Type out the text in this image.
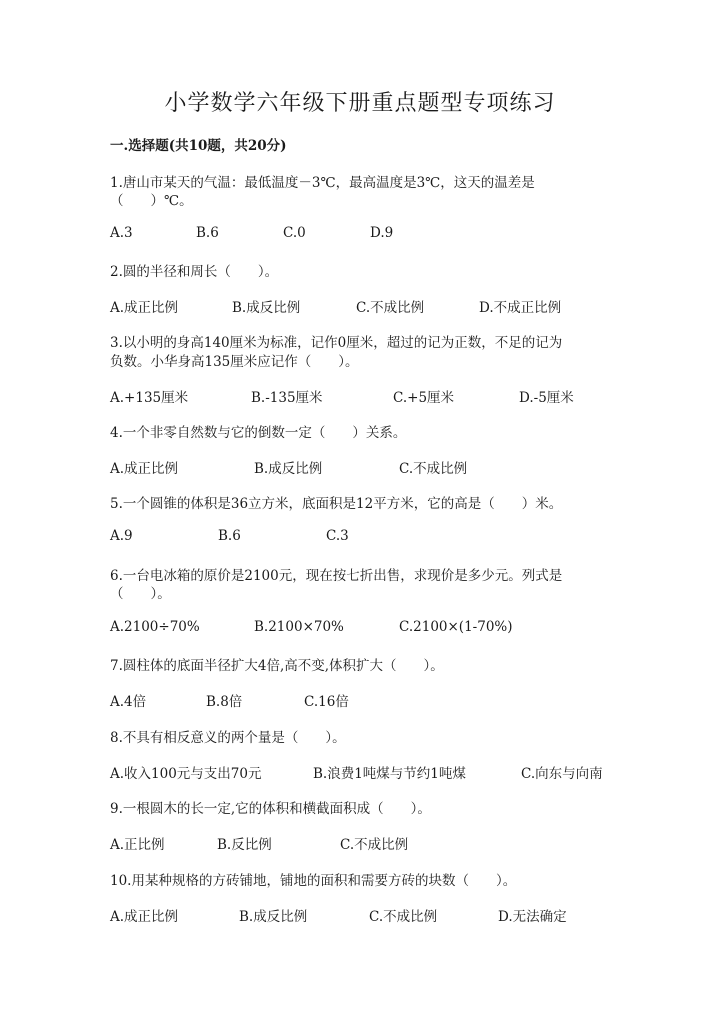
小学数学六年级下册重点题型专项练习
一.选择题(共10题，共20分)
1.唐山市某天的气温：最低温度－3℃，最高温度是3℃，这天的温差是
（　　）℃。
A.3	B.6	C.0	D.9
2.圆的半径和周长（　　）。
A.成正比例	B.成反比例	C.不成比例	D.不成正比例
3.以小明的身高140厘米为标准，记作0厘米，超过的记为正数，不足的记为
负数。小华身高135厘米应记作（　　）。
A.+135厘米	B.-135厘米	C.+5厘米	D.-5厘米
4.一个非零自然数与它的倒数一定（　　）关系。
A.成正比例	B.成反比例	C.不成比例
5.一个圆锥的体积是36立方米，底面积是12平方米，它的高是（　　）米。
A.9	B.6	C.3
6.一台电冰箱的原价是2100元，现在按七折出售，求现价是多少元。列式是
（　　）。
A.2100÷70%	B.2100×70%	C.2100×(1-70%)
7.圆柱体的底面半径扩大4倍,高不变,体积扩大（　　）。
A.4倍	B.8倍	C.16倍
8.不具有相反意义的两个量是（　　）。
A.收入100元与支出70元	B.浪费1吨煤与节约1吨煤	C.向东与向南
9.一根圆木的长一定,它的体积和横截面积成（　　）。
A.正比例	B.反比例	C.不成比例
10.用某种规格的方砖铺地，铺地的面积和需要方砖的块数（　　）。
A.成正比例	B.成反比例	C.不成比例	D.无法确定
